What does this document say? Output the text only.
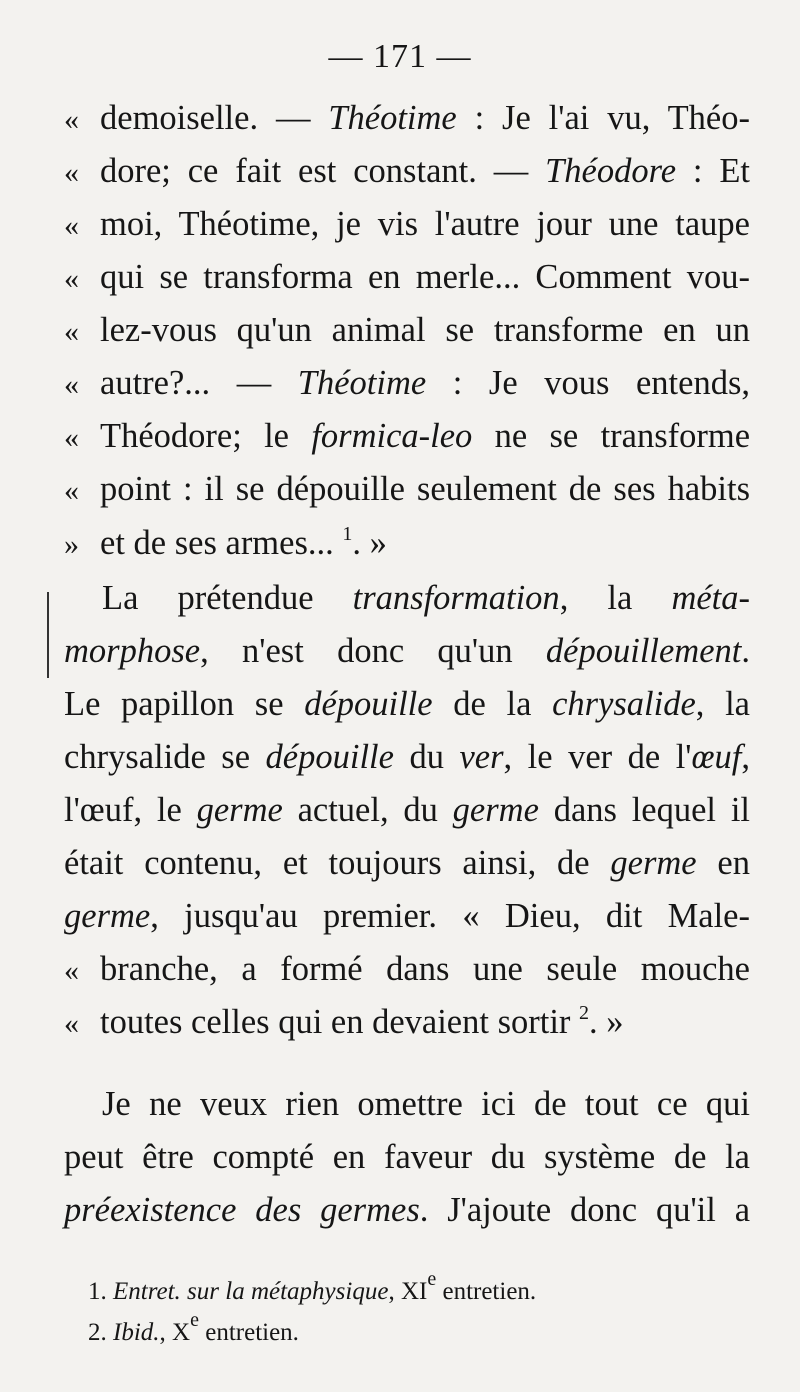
— 171 —
« demoiselle. — Théotime : Je l'ai vu, Théo-
« dore; ce fait est constant. — Théodore : Et
« moi, Théotime, je vis l'autre jour une taupe
« qui se transforma en merle... Comment vou-
« lez-vous qu'un animal se transforme en un
« autre?... — Théotime : Je vous entends,
« Théodore; le formica-leo ne se transforme
« point : il se dépouille seulement de ses habits
» et de ses armes... $^1$. »
La prétendue transformation, la méta-
morphose, n'est donc qu'un dépouillement.
Le papillon se dépouille de la chrysalide, la
chrysalide se dépouille du ver, le ver de l'œuf,
l'œuf, le germe actuel, du germe dans lequel il
était contenu, et toujours ainsi, de germe en
germe, jusqu'au premier. « Dieu, dit Male-
« branche, a formé dans une seule mouche
« toutes celles qui en devaient sortir $^2$. »
Je ne veux rien omettre ici de tout ce qui
peut être compté en faveur du système de la
préexistence des germes. J'ajoute donc qu'il a
1. Entret. sur la métaphysique, XIe entretien.
2. Ibid., Xe entretien.
